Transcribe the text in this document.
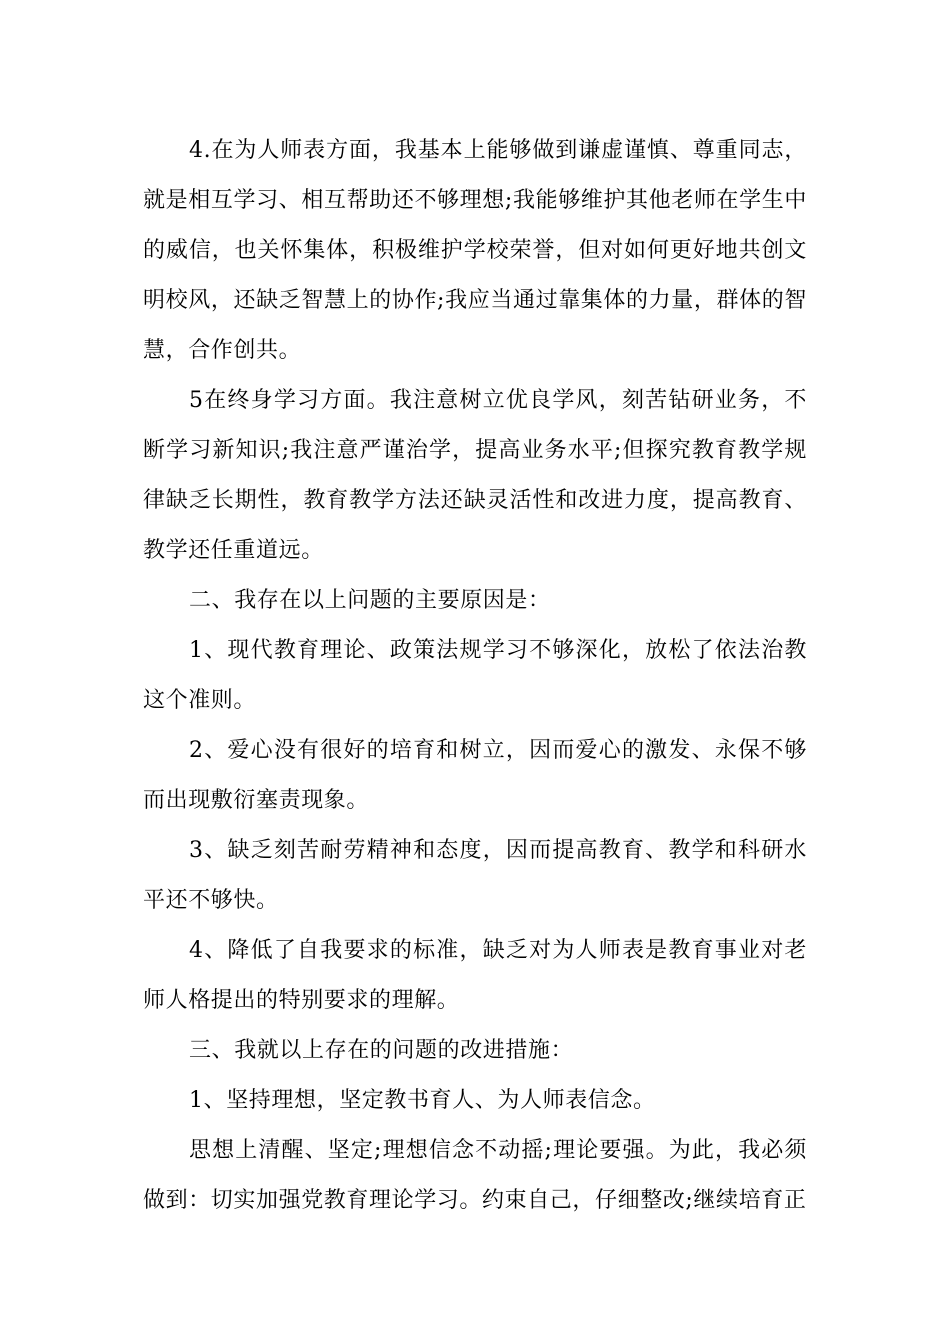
4.在为人师表方面，我基本上能够做到谦虚谨慎、尊重同志，就是相互学习、相互帮助还不够理想;我能够维护其他老师在学生中的威信，也关怀集体，积极维护学校荣誉，但对如何更好地共创文明校风，还缺乏智慧上的协作;我应当通过靠集体的力量，群体的智慧，合作创共。

5在终身学习方面。我注意树立优良学风，刻苦钻研业务，不断学习新知识;我注意严谨治学，提高业务水平;但探究教育教学规律缺乏长期性，教育教学方法还缺灵活性和改进力度，提高教育、教学还任重道远。

二、我存在以上问题的主要原因是：

1、现代教育理论、政策法规学习不够深化，放松了依法治教这个准则。

2、爱心没有很好的培育和树立，因而爱心的激发、永保不够而出现敷衍塞责现象。

3、缺乏刻苦耐劳精神和态度，因而提高教育、教学和科研水平还不够快。

4、降低了自我要求的标准，缺乏对为人师表是教育事业对老师人格提出的特别要求的理解。

三、我就以上存在的问题的改进措施：

1、坚持理想，坚定教书育人、为人师表信念。

思想上清醒、坚定;理想信念不动摇;理论要强。为此，我必须做到：切实加强党教育理论学习。约束自己，仔细整改;继续培育正
